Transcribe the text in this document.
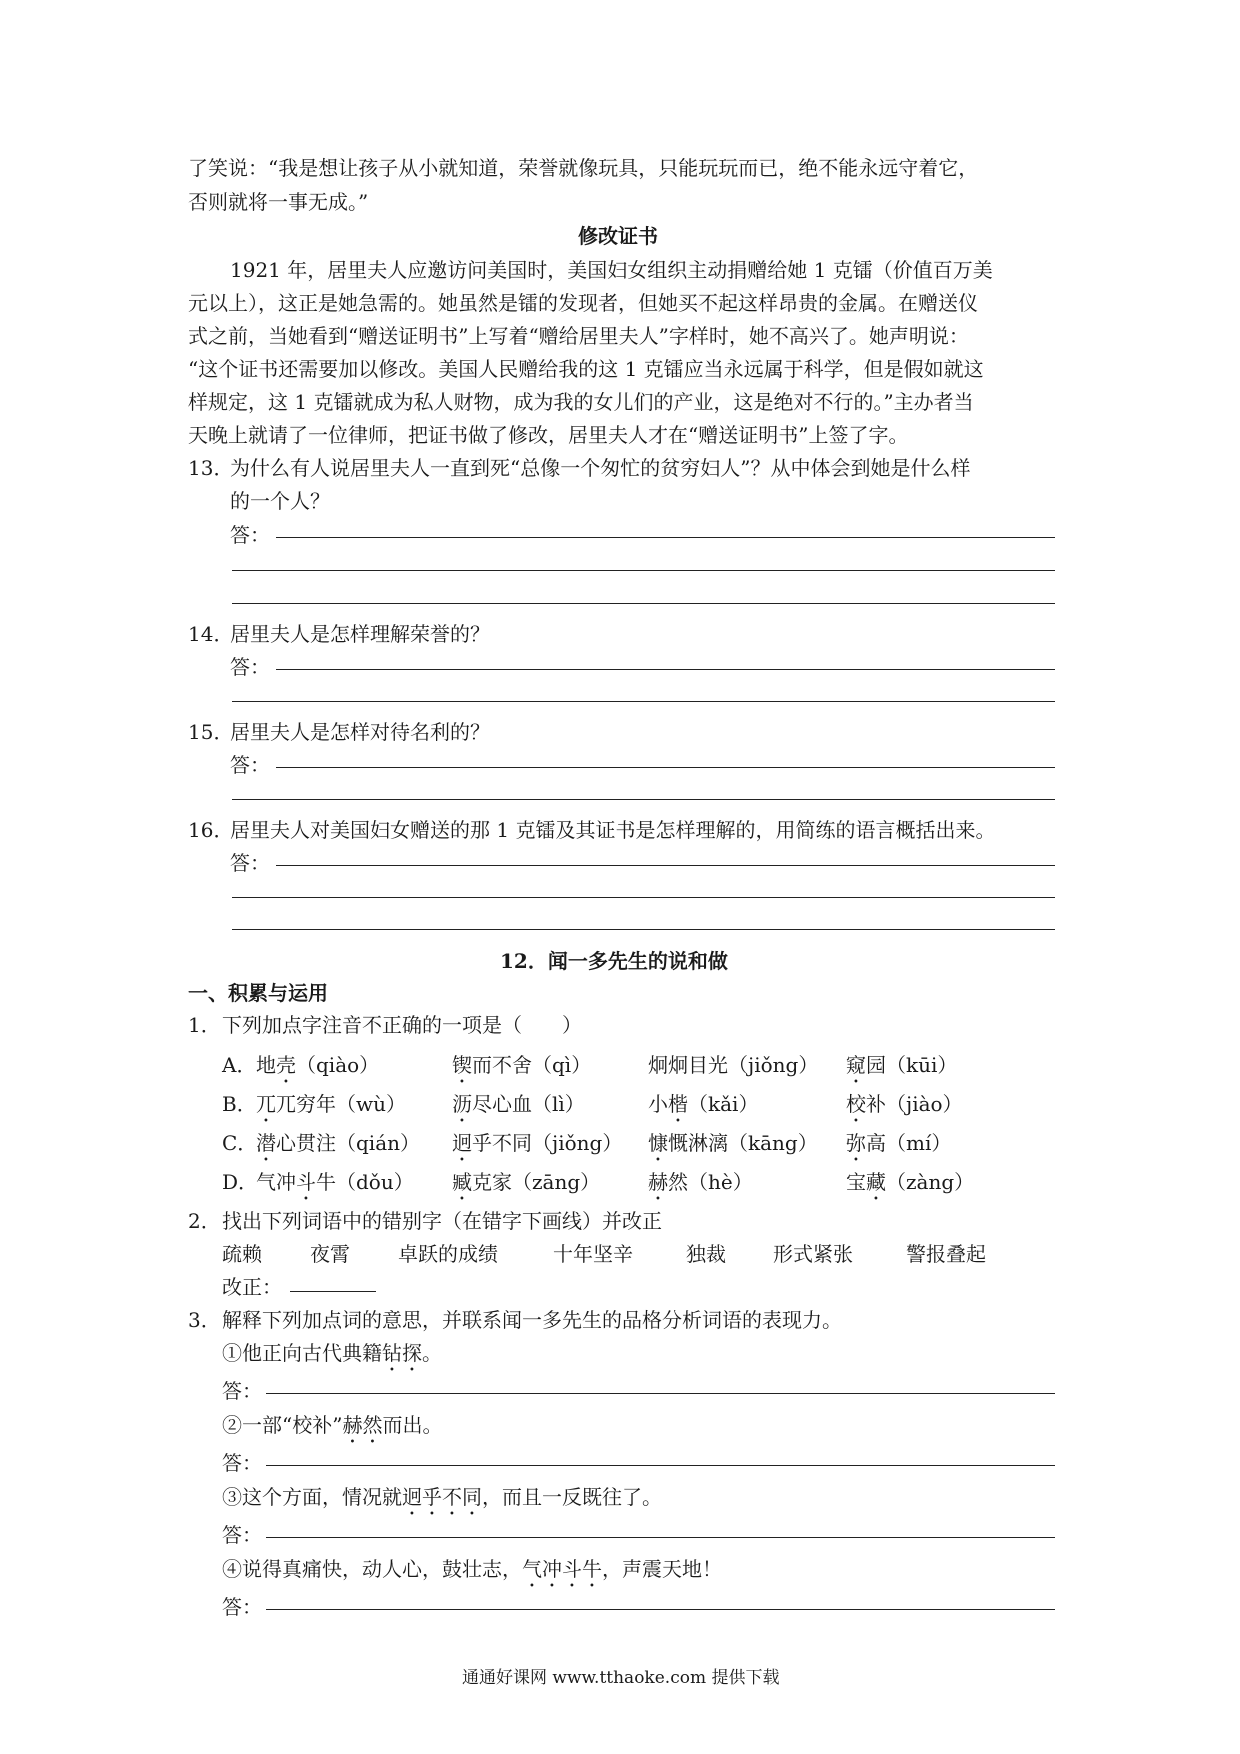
了笑说：“我是想让孩子从小就知道，荣誉就像玩具，只能玩玩而已，绝不能永远守着它，
否则就将一事无成。”
修改证书
1921 年，居里夫人应邀访问美国时，美国妇女组织主动捐赠给她 1 克镭（价值百万美
元以上），这正是她急需的。她虽然是镭的发现者，但她买不起这样昂贵的金属。在赠送仪
式之前，当她看到“赠送证明书”上写着“赠给居里夫人”字样时，她不高兴了。她声明说：
“这个证书还需要加以修改。美国人民赠给我的这 1 克镭应当永远属于科学，但是假如就这
样规定，这 1 克镭就成为私人财物，成为我的女儿们的产业，这是绝对不行的。”主办者当
天晚上就请了一位律师，把证书做了修改，居里夫人才在“赠送证明书”上签了字。
13．
为什么有人说居里夫人一直到死“总像一个匆忙的贫穷妇人”？从中体会到她是什么样
的一个人？
答：
14．
居里夫人是怎样理解荣誉的？
答：
15．
居里夫人是怎样对待名利的？
答：
16．
居里夫人对美国妇女赠送的那 1 克镭及其证书是怎样理解的，用简练的语言概括出来。
答：
12．闻一多先生的说和做
一、积累与运用
1． 下列加点字注音不正确的一项是（　　）
A． 地壳（qiào）	锲而不舍（qì）	炯炯目光（jiǒng） 窥园（kūi）
B． 兀兀穷年（wù） 沥尽心血（lì）	小楷（kǎi）	校补（jiào）
C．
潜心贯注（qián） 迥乎不同（jiǒng） 慷慨淋漓（kāng） 弥高（mí）
D．
气冲斗牛（dǒu） 臧克家（zāng） 赫然（hè）	宝藏（zàng）
2． 找出下列词语中的错别字（在错字下画线）并改正
疏赖 夜霄 卓跃的成绩	十年坚辛	独裁 形式紧张	警报叠起
改正：
3． 解释下列加点词的意思，并联系闻一多先生的品格分析词语的表现力。
①他正向古代典籍钻探。
答：
②一部“校补”赫然而出。
答：
③这个方面，情况就迥乎不同，而且一反既往了。
答：
④说得真痛快，动人心，鼓壮志，气冲斗牛，声震天地！
答：
通通好课网 www.tthaoke.com 提供下载
